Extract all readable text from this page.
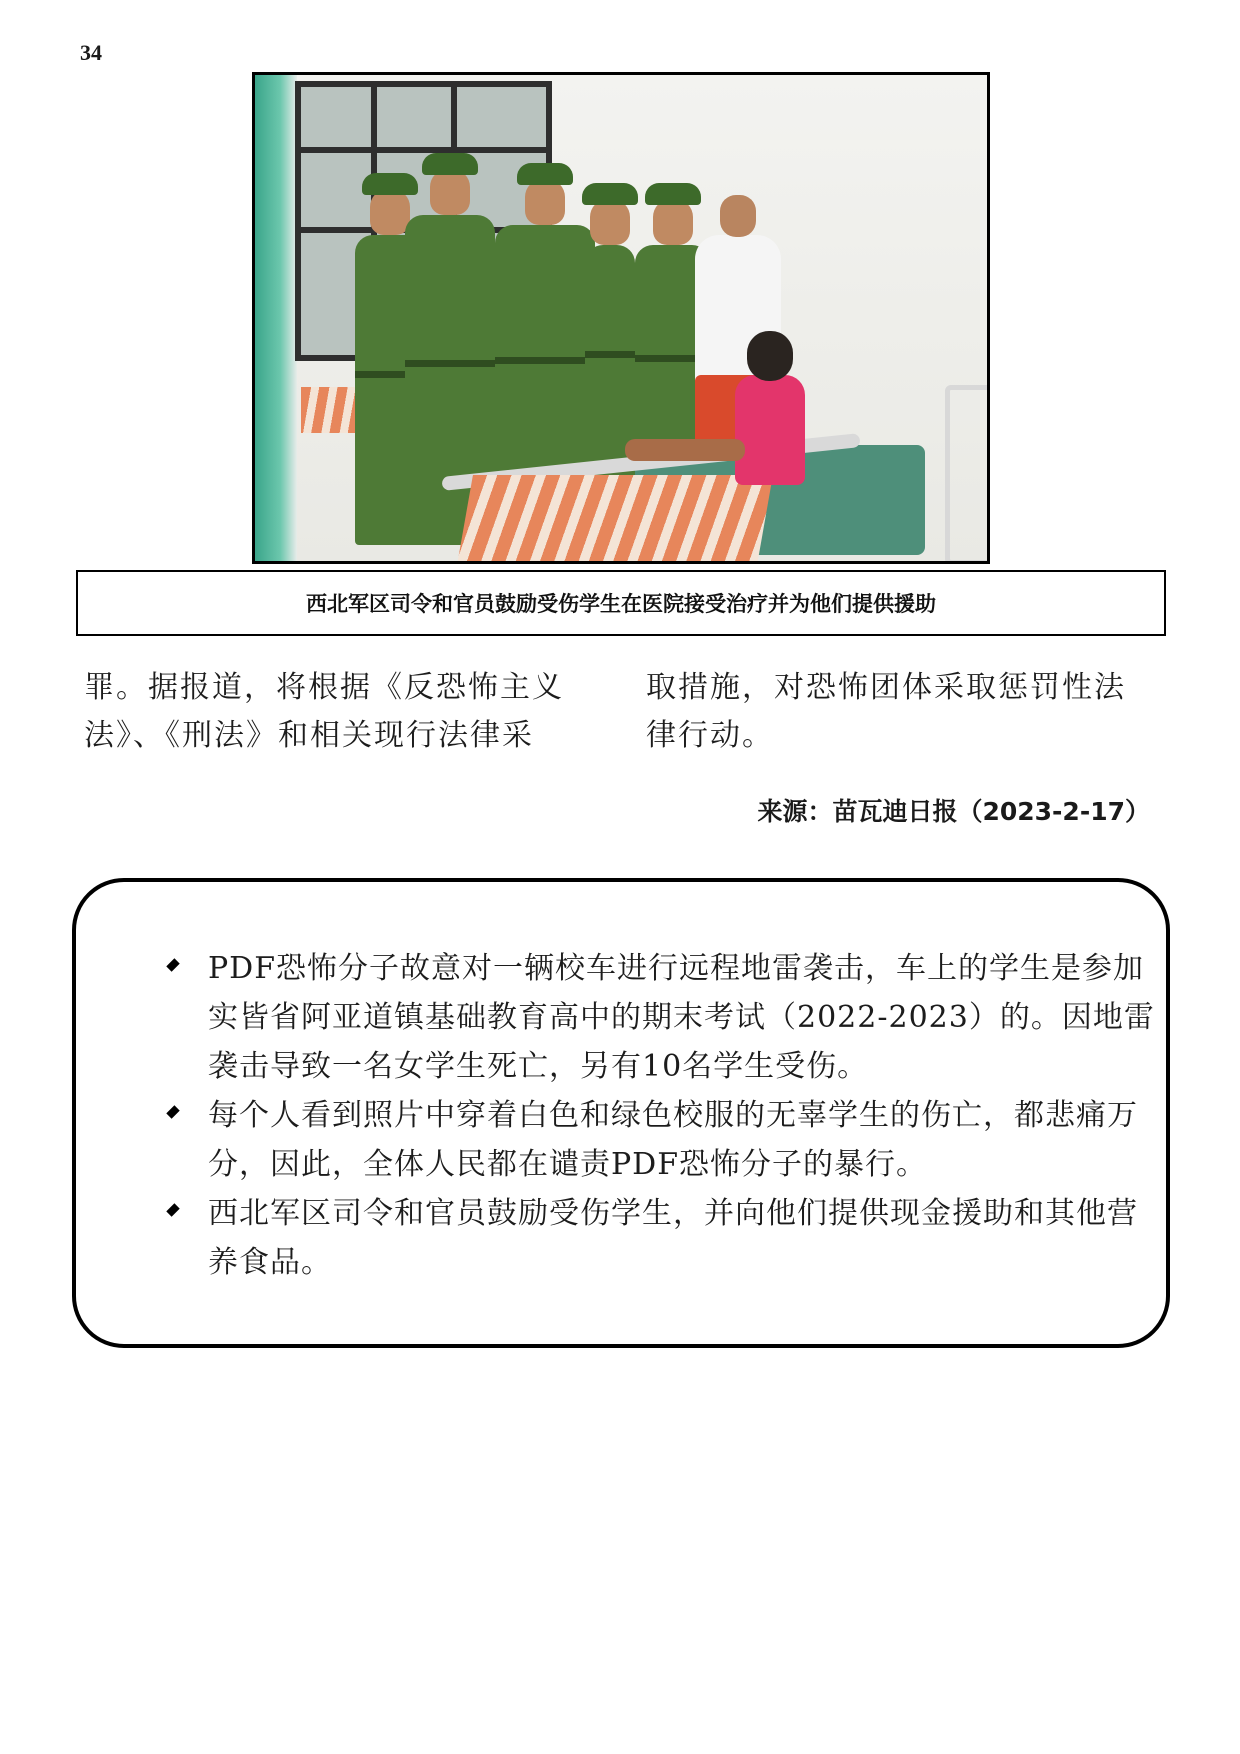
34
西北军区司令和官员鼓励受伤学生在医院接受治疗并为他们提供援助
罪。据报道，将根据《反恐怖主义
法》、《刑法》和相关现行法律采
取措施，对恐怖团体采取惩罚性法
律行动。
来源：苗瓦迪日报（2023-2-17）
PDF恐怖分子故意对一辆校车进行远程地雷袭击，车上的学生是参加
实皆省阿亚道镇基础教育高中的期末考试（2022-2023）的。因地雷
袭击导致一名女学生死亡，另有10名学生受伤。
每个人看到照片中穿着白色和绿色校服的无辜学生的伤亡，都悲痛万
分，因此，全体人民都在谴责PDF恐怖分子的暴行。
西北军区司令和官员鼓励受伤学生，并向他们提供现金援助和其他营
养食品。
